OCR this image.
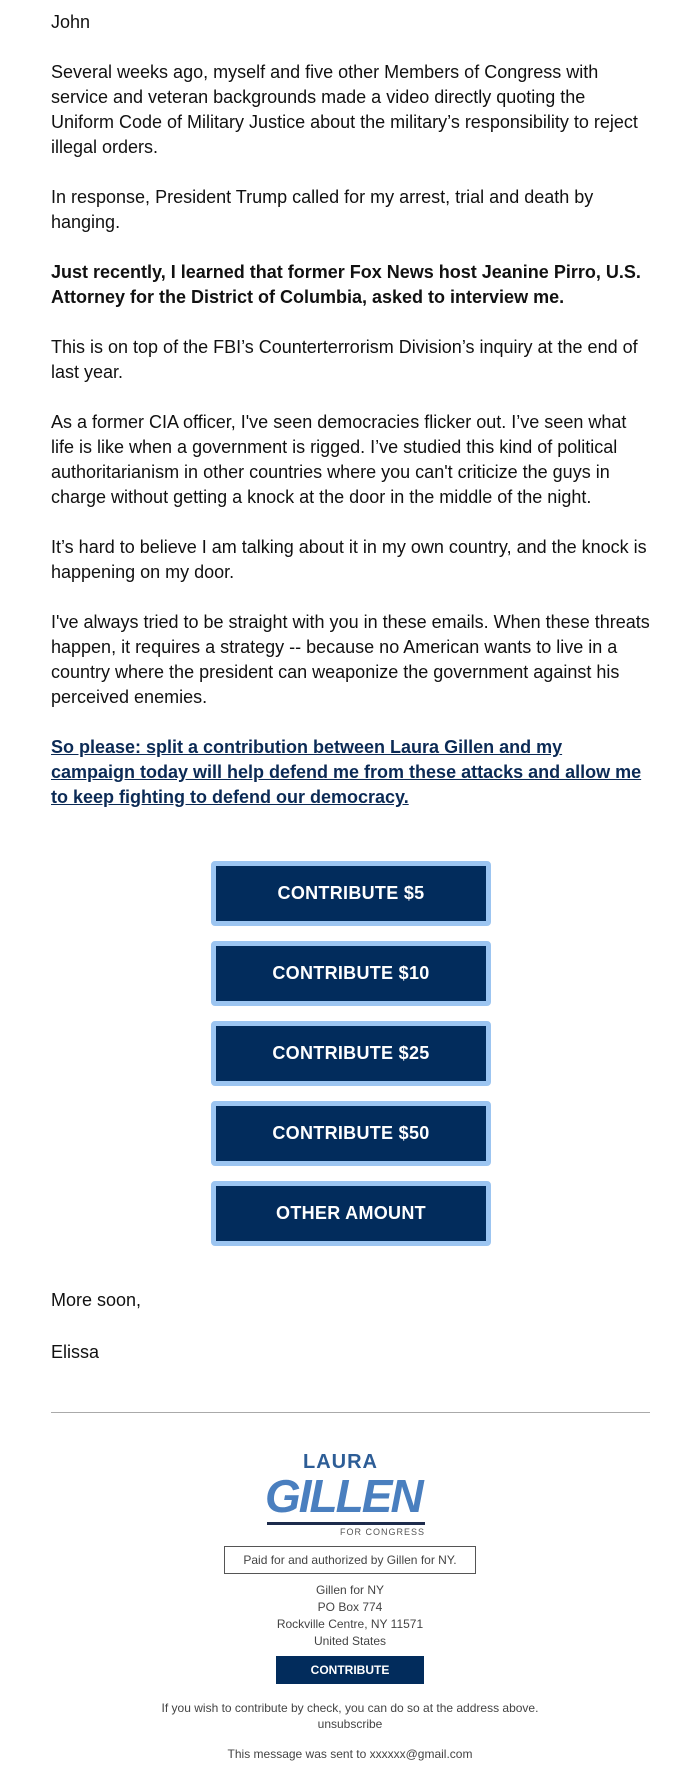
John

Several weeks ago, myself and five other Members of Congress with service and veteran backgrounds made a video directly quoting the Uniform Code of Military Justice about the military’s responsibility to reject illegal orders.

In response, President Trump called for my arrest, trial and death by hanging.

Just recently, I learned that former Fox News host Jeanine Pirro, U.S. Attorney for the District of Columbia, asked to interview me.

This is on top of the FBI’s Counterterrorism Division’s inquiry at the end of last year.

As a former CIA officer, I've seen democracies flicker out. I’ve seen what life is like when a government is rigged. I’ve studied this kind of political authoritarianism in other countries where you can't criticize the guys in charge without getting a knock at the door in the middle of the night.

It’s hard to believe I am talking about it in my own country, and the knock is happening on my door.

I've always tried to be straight with you in these emails. When these threats happen, it requires a strategy -- because no American wants to live in a country where the president can weaponize the government against his perceived enemies.

So please: split a contribution between Laura Gillen and my campaign today will help defend me from these attacks and allow me to keep fighting to defend our democracy.

CONTRIBUTE $5
CONTRIBUTE $10
CONTRIBUTE $25
CONTRIBUTE $50
OTHER AMOUNT

More soon,

Elissa

LAURA
GILLEN
FOR CONGRESS
Paid for and authorized by Gillen for NY.
Gillen for NY
PO Box 774
Rockville Centre, NY 11571
United States
CONTRIBUTE
If you wish to contribute by check, you can do so at the address above.
unsubscribe
This message was sent to xxxxxx@gmail.com
